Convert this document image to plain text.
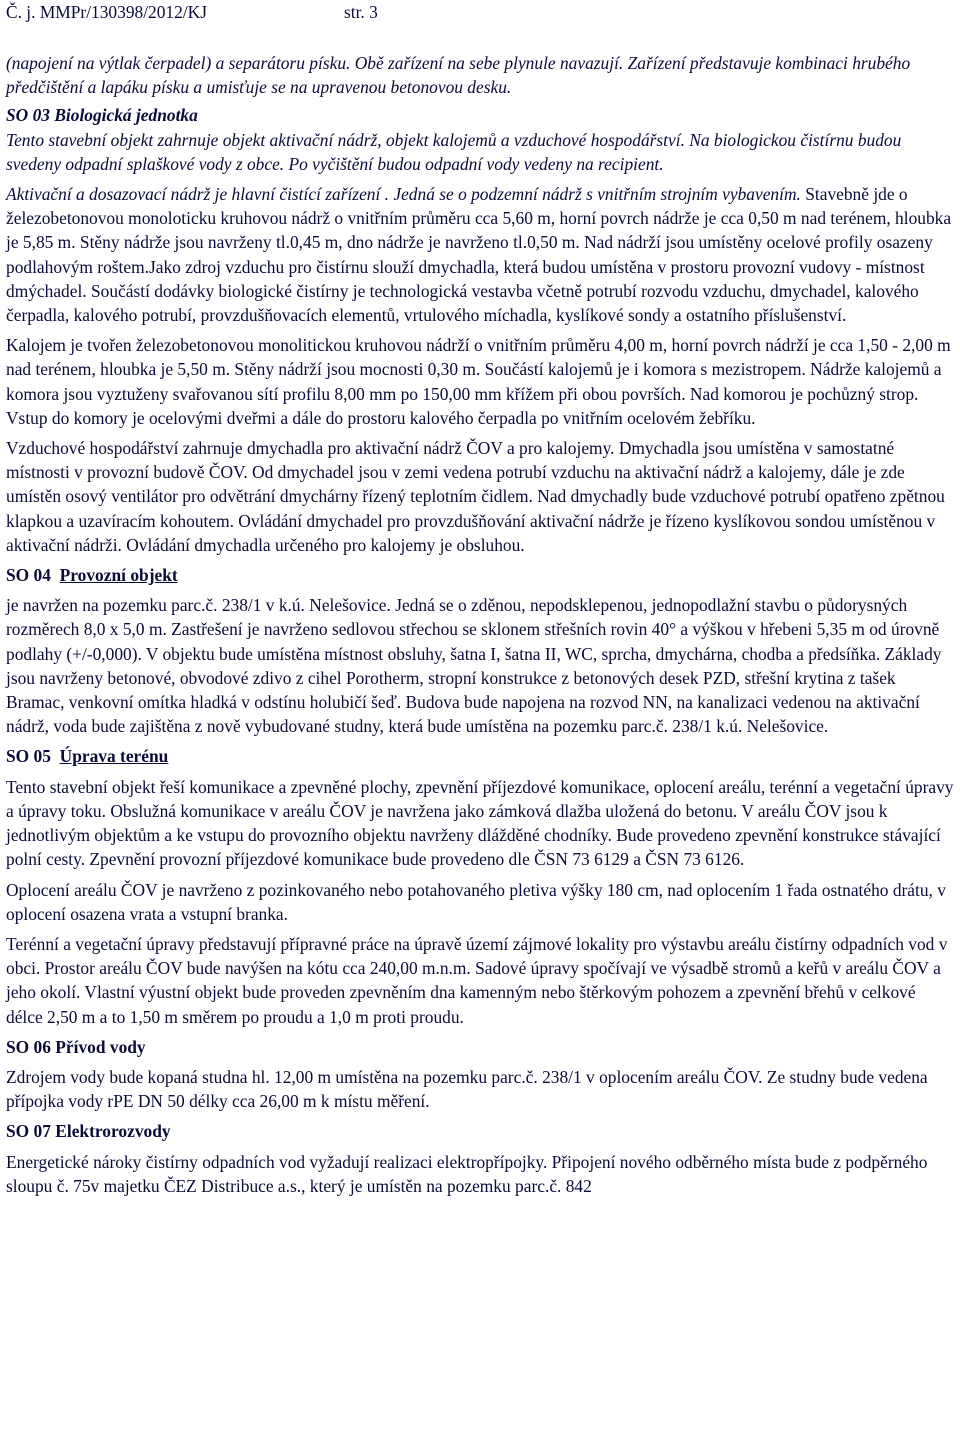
Č. j. MMPr/130398/2012/KJ	str. 3

(napojení na výtlak čerpadel) a separátoru písku. Obě zařízení na sebe plynule navazují. Zařízení představuje kombinaci hrubého předčištění a lapáku písku a umisťuje se na upravenou betonovou desku.

SO 03 Biologická jednotka

Tento stavební objekt zahrnuje objekt aktivační nádrž, objekt kalojemů a vzduchové hospodářství. Na biologickou čistírnu budou svedeny odpadní splaškové vody z obce. Po vyčištění budou odpadní vody vedeny na recipient.

Aktivační a dosazovací nádrž je hlavní čistící zařízení . Jedná se o podzemní nádrž s vnitřním strojním vybavením. Stavebně jde o železobetonovou monoloticku kruhovou nádrž o vnitřním průměru cca 5,60 m, horní povrch nádrže je cca 0,50 m nad terénem, hloubka je 5,85 m. Stěny nádrže jsou navrženy tl.0,45 m, dno nádrže je navrženo tl.0,50 m. Nad nádrží jsou umístěny ocelové profily osazeny podlahovým roštem.Jako zdroj vzduchu pro čistírnu slouží dmychadla, která budou umístěna v prostoru provozní vudovy - místnost dmýchadel. Součástí dodávky biologické čistírny je technologická vestavba včetně potrubí rozvodu vzduchu, dmychadel, kalového čerpadla, kalového potrubí, provzdušňovacích elementů, vrtulového míchadla, kyslíkové sondy a ostatního příslušenství.

Kalojem je tvořen železobetonovou monolitickou kruhovou nádrží o vnitřním průměru 4,00 m, horní povrch nádrží je cca 1,50 - 2,00 m nad terénem, hloubka je 5,50 m. Stěny nádrží jsou mocnosti 0,30 m. Součástí kalojemů je i komora s mezistropem. Nádrže kalojemů a komora jsou vyztuženy svařovanou sítí profilu 8,00 mm po 150,00 mm křížem při obou površích. Nad komorou je pochůzný strop. Vstup do komory je ocelovými dveřmi a dále do prostoru kalového čerpadla po vnitřním ocelovém žebříku.

Vzduchové hospodářství zahrnuje dmychadla pro aktivační nádrž ČOV a pro kalojemy. Dmychadla jsou umístěna v samostatné místnosti v provozní budově ČOV. Od dmychadel jsou v zemi vedena potrubí vzduchu na aktivační nádrž a kalojemy, dále je zde umístěn osový ventilátor pro odvětrání dmychárny řízený teplotním čidlem. Nad dmychadly bude vzduchové potrubí opatřeno zpětnou klapkou a uzavíracím kohoutem. Ovládání dmychadel pro provzdušňování aktivační nádrže je řízeno kyslíkovou sondou umístěnou v aktivační nádrži. Ovládání dmychadla určeného pro kalojemy je obsluhou.

SO 04 Provozní objekt

je navržen na pozemku parc.č. 238/1 v k.ú. Nelešovice. Jedná se o zděnou, nepodsklepenou, jednopodlažní stavbu o půdorysných rozměrech 8,0 x 5,0 m. Zastřešení je navrženo sedlovou střechou se sklonem střešních rovin 40° a výškou v hřebeni 5,35 m od úrovně podlahy (+/-0,000). V objektu bude umístěna místnost obsluhy, šatna I, šatna II, WC, sprcha, dmychárna, chodba a předsíňka. Základy jsou navrženy betonové, obvodové zdivo z cihel Porotherm, stropní konstrukce z betonových desek PZD, střešní krytina z tašek Bramac, venkovní omítka hladká v odstínu holubičí šeď. Budova bude napojena na rozvod NN, na kanalizaci vedenou na aktivační nádrž, voda bude zajištěna z nově vybudované studny, která bude umístěna na pozemku parc.č. 238/1 k.ú. Nelešovice.

SO 05 Úprava terénu

Tento stavební objekt řeší komunikace a zpevněné plochy, zpevnění příjezdové komunikace, oplocení areálu, terénní a vegetační úpravy a úpravy toku. Obslužná komunikace v areálu ČOV je navržena jako zámková dlažba uložená do betonu. V areálu ČOV jsou k jednotlivým objektům a ke vstupu do provozního objektu navrženy dlážděné chodníky. Bude provedeno zpevnění konstrukce stávající polní cesty. Zpevnění provozní příjezdové komunikace bude provedeno dle ČSN 73 6129 a ČSN 73 6126.

Oplocení areálu ČOV je navrženo z pozinkovaného nebo potahovaného pletiva výšky 180 cm, nad oplocením 1 řada ostnatého drátu, v oplocení osazena vrata a vstupní branka.

Terénní a vegetační úpravy představují přípravné práce na úpravě území zájmové lokality pro výstavbu areálu čistírny odpadních vod v obci. Prostor areálu ČOV bude navýšen na kótu cca 240,00 m.n.m. Sadové úpravy spočívají ve výsadbě stromů a keřů v areálu ČOV a jeho okolí. Vlastní výustní objekt bude proveden zpevněním dna kamenným nebo štěrkovým pohozem a zpevnění břehů v celkové délce 2,50 m a to 1,50 m směrem po proudu a 1,0 m proti proudu.

SO 06 Přívod vody

Zdrojem vody bude kopaná studna hl. 12,00 m umístěna na pozemku parc.č. 238/1 v oplocením areálu ČOV. Ze studny bude vedena přípojka vody rPE DN 50 délky cca 26,00 m k místu měření.

SO 07 Elektrorozvody

Energetické nároky čistírny odpadních vod vyžadují realizaci elektropřípojky. Připojení nového odběrného místa bude z podpěrného sloupu č. 75v majetku ČEZ Distribuce a.s., který je umístěn na pozemku parc.č. 842
